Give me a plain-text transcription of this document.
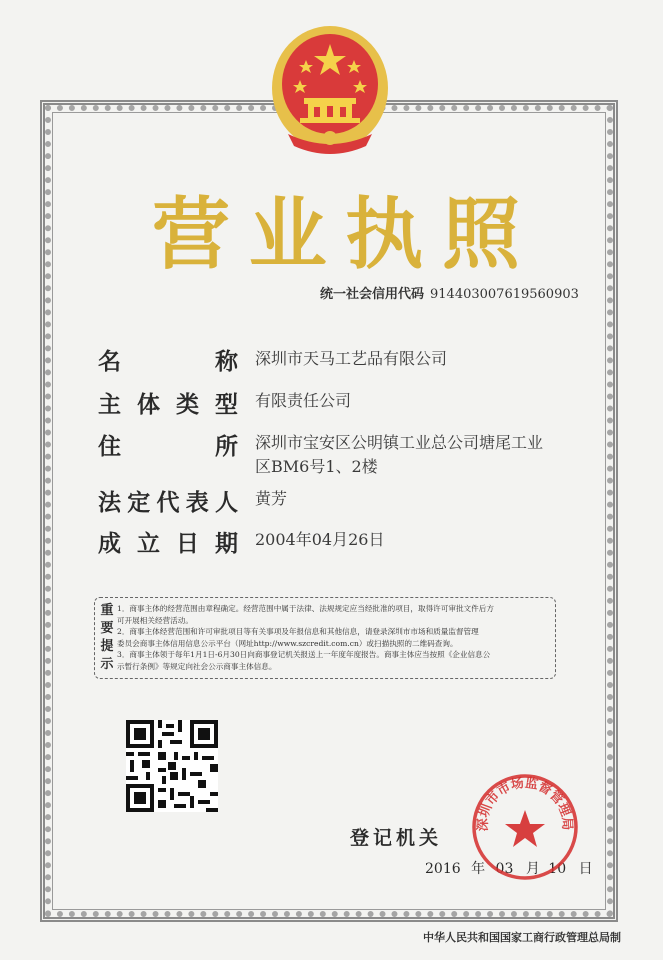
营 业 执 照
统一社会信用代码 914403007619560903
名	称 深圳市天马工艺品有限公司
主 体 类 型 有限责任公司
住	所 深圳市宝安区公明镇工业总公司塘尾工业
区BM6号1、2楼
法 定 代 表 人 黄芳
成 立 日 期 2004年04月26日
重
要
提
示
1．商事主体的经营范围由章程确定。经营范围中属于法律、法规规定应当经批准的项目，取得许可审批文件后方
可开展相关经营活动。
2．商事主体经营范围和许可审批项目等有关事项及年报信息和其他信息，请登录深圳市市场和质量监督管理
委员会商事主体信用信息公示平台（网址http://www.szcredit.com.cn）或扫描执照的二维码查询。
3．商事主体领于每年1月1日-6月30日向商事登记机关报送上一年度年度报告。商事主体应当按照《企业信息公
示暂行条例》等规定向社会公示商事主体信息。
登记机关
2016 年 03 月 10 日
深圳市市场监督管理局
中华人民共和国国家工商行政管理总局制
